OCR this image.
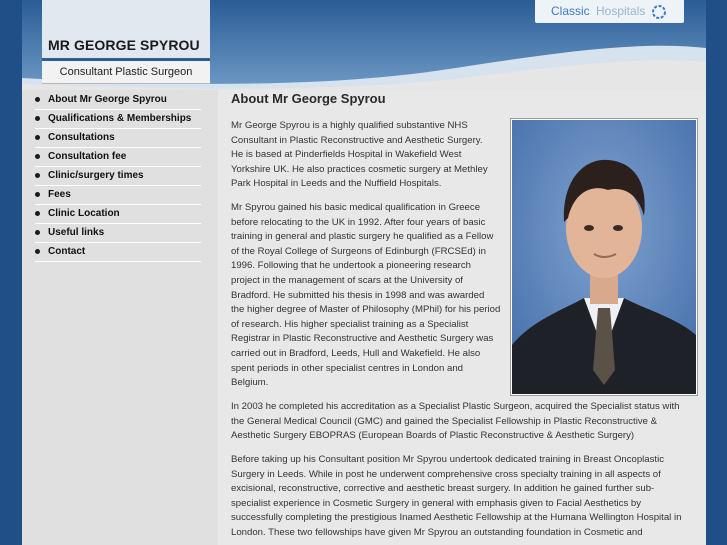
MR GEORGE SPYROU
Consultant Plastic Surgeon
Classic Hospitals
About Mr George Spyrou
Qualifications & Memberships
Consultations
Consultation fee
Clinic/surgery times
Fees
Clinic Location
Useful links
Contact
About Mr George Spyrou
Mr George Spyrou is a highly qualified substantive NHS
Consultant in Plastic Reconstructive and Aesthetic Surgery.
He is based at Pinderfields Hospital in Wakefield West
Yorkshire UK. He also practices cosmetic surgery at Methley
Park Hospital in Leeds and the Nuffield Hospitals.
Mr Spyrou gained his basic medical qualification in Greece
before relocating to the UK in 1992. After four years of basic
training in general and plastic surgery he qualified as a Fellow
of the Royal College of Surgeons of Edinburgh (FRCSEd) in
1996. Following that he undertook a pioneering research
project in the management of scars at the University of
Bradford. He submitted his thesis in 1998 and was awarded
the higher degree of Master of Philosophy (MPhil) for his period
of research. His higher specialist training as a Specialist
Registrar in Plastic Reconstructive and Aesthetic Surgery was
carried out in Bradford, Leeds, Hull and Wakefield. He also
spent periods in other specialist centres in London and
Belgium.
In 2003 he completed his accreditation as a Specialist Plastic Surgeon, acquired the Specialist status with
the General Medical Council (GMC) and gained the Specialist Fellowship in Plastic Reconstructive &
Aesthetic Surgery EBOPRAS (European Boards of Plastic Reconstructive & Aesthetic Surgery)
Before taking up his Consultant position Mr Spyrou undertook dedicated training in Breast Oncoplastic
Surgery in Leeds. While in post he underwent comprehensive cross specialty training in all aspects of
excisional, reconstructive, corrective and aesthetic breast surgery. In addition he gained further sub-
specialist experience in Cosmetic Surgery in general with emphasis given to Facial Aesthetics by
successfully completing the prestigious Inamed Aesthetic Fellowship at the Humana Wellington Hospital in
London. These two fellowships have given Mr Spyrou an outstanding foundation in Cosmetic and
